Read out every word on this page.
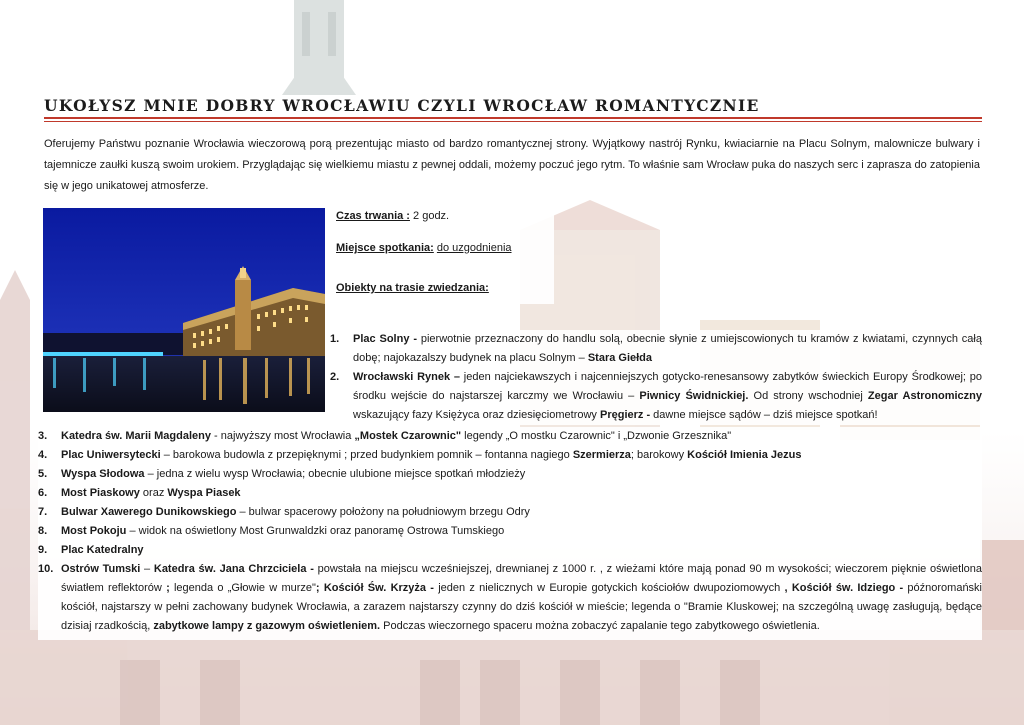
UKOŁYSZ MNIE DOBRY WROCŁAWIU CZYLI WROCŁAW ROMANTYCZNIE

Oferujemy Państwu poznanie Wrocławia wieczorową porą prezentując miasto od bardzo romantycznej strony. Wyjątkowy nastrój Rynku, kwiaciarnie na Placu Solnym, malownicze bulwary i tajemnicze zaułki kuszą swoim urokiem. Przyglądając się wielkiemu miastu z pewnej oddali, możemy poczuć jego rytm. To właśnie sam Wrocław puka do naszych serc i zaprasza do zatopienia się w jego unikatowej atmosferze.

Czas trwania : 2 godz.

Miejsce spotkania: do uzgodnienia

Obiekty na trasie zwiedzania:

1. Plac Solny - pierwotnie przeznaczony do handlu solą, obecnie słynie z umiejscowionych tu kramów z kwiatami, czynnych całą dobę; najokazalszy budynek na placu Solnym – Stara Giełda
2. Wrocławski Rynek – jeden najciekawszych i najcenniejszych gotycko-renesansowy zabytków świeckich Europy Środkowej; po środku wejście do najstarszej karczmy we Wrocławiu – Piwnicy Świdnickiej. Od strony wschodniej Zegar Astronomiczny wskazujący fazy Księżyca oraz dziesięciometrowy Pręgierz - dawne miejsce sądów – dziś miejsce spotkań!
3. Katedra św. Marii Magdaleny - najwyższy most Wrocławia „Mostek Czarownic" legendy „O mostku Czarownic" i „Dzwonie Grzesznika"
4. Plac Uniwersytecki – barokowa budowla z przepięknymi ; przed budynkiem pomnik – fontanna nagiego Szermierza; barokowy Kościół Imienia Jezus
5. Wyspa Słodowa – jedna z wielu wysp Wrocławia; obecnie ulubione miejsce spotkań młodzieży
6. Most Piaskowy oraz Wyspa Piasek
7. Bulwar Xawerego Dunikowskiego – bulwar spacerowy położony na południowym brzegu Odry
8. Most Pokoju – widok na oświetlony Most Grunwaldzki oraz panoramę Ostrowa Tumskiego
9. Plac Katedralny
10. Ostrów Tumski – Katedra św. Jana Chrzciciela - powstała na miejscu wcześniejszej, drewnianej z 1000 r. , z wieżami które mają ponad 90 m wysokości; wieczorem pięknie oświetlona światłem reflektorów ; legenda o „Głowie w murze"; Kościół Św. Krzyża - jeden z nielicznych w Europie gotyckich kościołów dwupoziomowych , Kościół św. Idziego - późnoromański kościół, najstarszy w pełni zachowany budynek Wrocławia, a zarazem najstarszy czynny do dziś kościół w mieście; legenda o "Bramie Kluskowej; na szczególną uwagę zasługują, będące dzisiaj rzadkością, zabytkowe lampy z gazowym oświetleniem. Podczas wieczornego spaceru można zobaczyć zapalanie tego zabytkowego oświetlenia.
